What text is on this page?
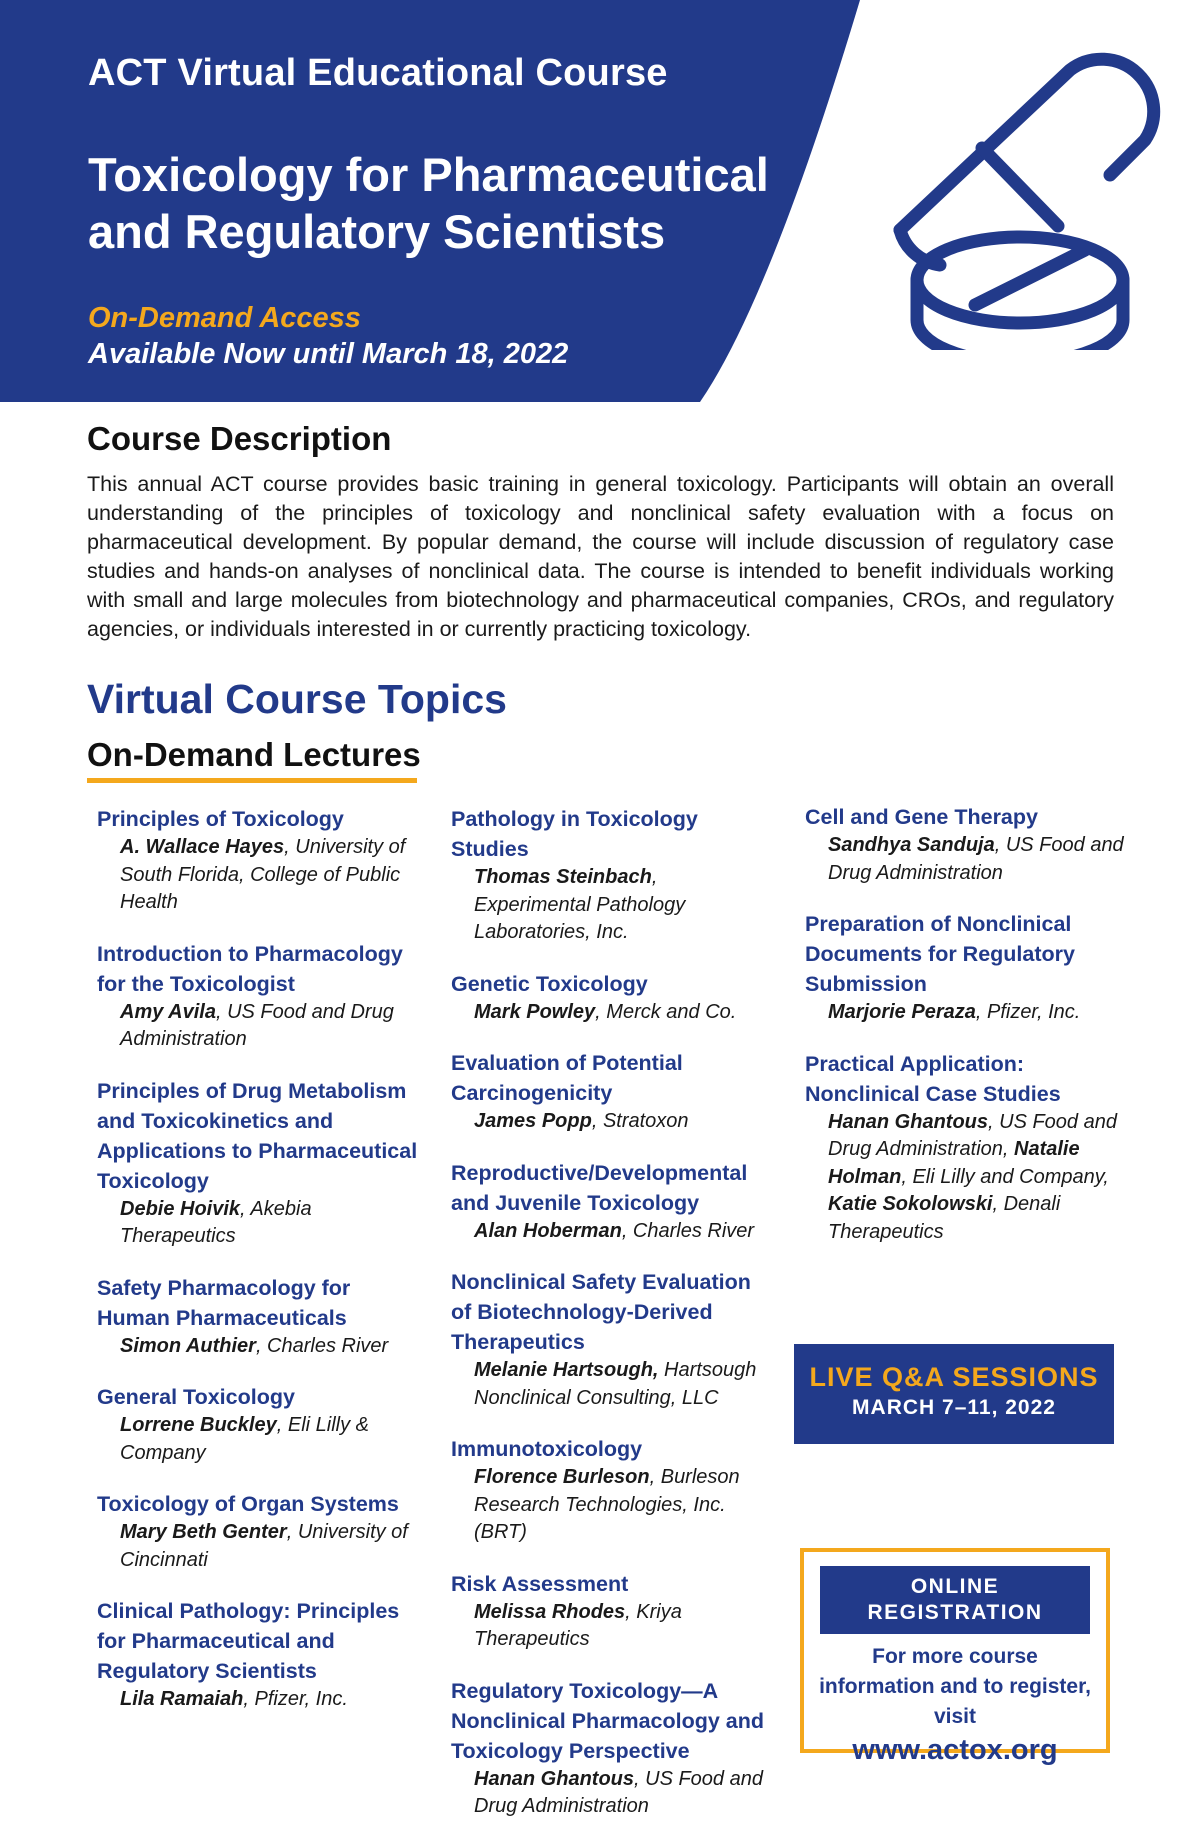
ACT Virtual Educational Course
Toxicology for Pharmaceutical and Regulatory Scientists
On-Demand Access
Available Now until March 18, 2022
Course Description
This annual ACT course provides basic training in general toxicology. Participants will obtain an overall understanding of the principles of toxicology and nonclinical safety evaluation with a focus on pharmaceutical development. By popular demand, the course will include discussion of regulatory case studies and hands-on analyses of nonclinical data. The course is intended to benefit individuals working with small and large molecules from biotechnology and pharmaceutical companies, CROs, and regulatory agencies, or individuals interested in or currently practicing toxicology.
Virtual Course Topics
On-Demand Lectures
Principles of Toxicology
A. Wallace Hayes, University of South Florida, College of Public Health
Introduction to Pharmacology for the Toxicologist
Amy Avila, US Food and Drug Administration
Principles of Drug Metabolism and Toxicokinetics and Applications to Pharmaceutical Toxicology
Debie Hoivik, Akebia Therapeutics
Safety Pharmacology for Human Pharmaceuticals
Simon Authier, Charles River
General Toxicology
Lorrene Buckley, Eli Lilly & Company
Toxicology of Organ Systems
Mary Beth Genter, University of Cincinnati
Clinical Pathology: Principles for Pharmaceutical and Regulatory Scientists
Lila Ramaiah, Pfizer, Inc.
Pathology in Toxicology Studies
Thomas Steinbach, Experimental Pathology Laboratories, Inc.
Genetic Toxicology
Mark Powley, Merck and Co.
Evaluation of Potential Carcinogenicity
James Popp, Stratoxon
Reproductive/Developmental and Juvenile Toxicology
Alan Hoberman, Charles River
Nonclinical Safety Evaluation of Biotechnology-Derived Therapeutics
Melanie Hartsough, Hartsough Nonclinical Consulting, LLC
Immunotoxicology
Florence Burleson, Burleson Research Technologies, Inc. (BRT)
Risk Assessment
Melissa Rhodes, Kriya Therapeutics
Regulatory Toxicology—A Nonclinical Pharmacology and Toxicology Perspective
Hanan Ghantous, US Food and Drug Administration
Cell and Gene Therapy
Sandhya Sanduja, US Food and Drug Administration
Preparation of Nonclinical Documents for Regulatory Submission
Marjorie Peraza, Pfizer, Inc.
Practical Application: Nonclinical Case Studies
Hanan Ghantous, US Food and Drug Administration, Natalie Holman, Eli Lilly and Company, Katie Sokolowski, Denali Therapeutics
LIVE Q&A SESSIONS
MARCH 7–11, 2022
ONLINE REGISTRATION
For more course information and to register, visit
www.actox.org
